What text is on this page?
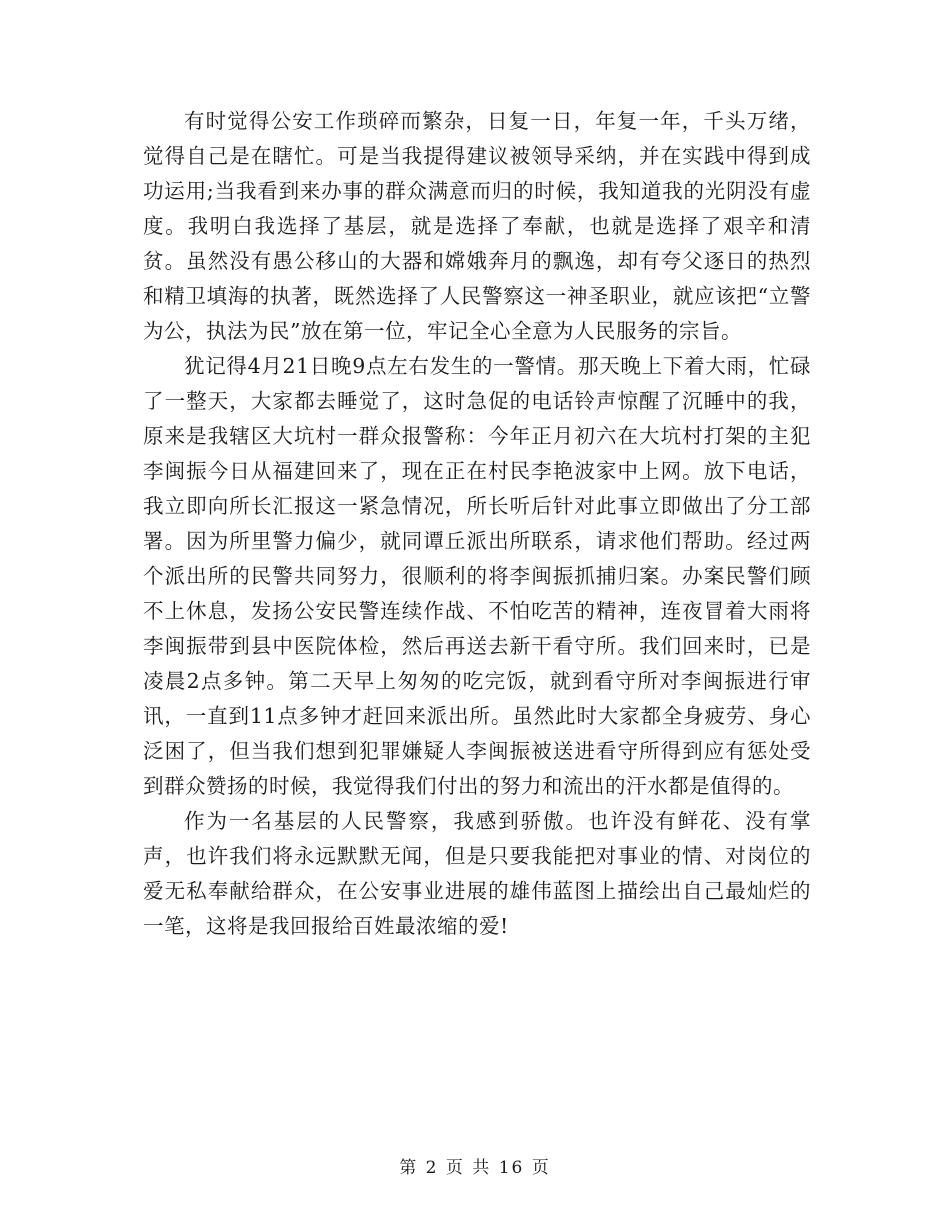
有时觉得公安工作琐碎而繁杂，日复一日，年复一年，千头万绪，觉得自己是在瞎忙。可是当我提得建议被领导采纳，并在实践中得到成功运用;当我看到来办事的群众满意而归的时候，我知道我的光阴没有虚度。我明白我选择了基层，就是选择了奉献，也就是选择了艰辛和清贫。虽然没有愚公移山的大器和嫦娥奔月的飘逸，却有夸父逐日的热烈和精卫填海的执著，既然选择了人民警察这一神圣职业，就应该把“立警为公，执法为民”放在第一位，牢记全心全意为人民服务的宗旨。

犹记得4月21日晚9点左右发生的一警情。那天晚上下着大雨，忙碌了一整天，大家都去睡觉了，这时急促的电话铃声惊醒了沉睡中的我，原来是我辖区大坑村一群众报警称：今年正月初六在大坑村打架的主犯李闽振今日从福建回来了，现在正在村民李艳波家中上网。放下电话，我立即向所长汇报这一紧急情况，所长听后针对此事立即做出了分工部署。因为所里警力偏少，就同谭丘派出所联系，请求他们帮助。经过两个派出所的民警共同努力，很顺利的将李闽振抓捕归案。办案民警们顾不上休息，发扬公安民警连续作战、不怕吃苦的精神，连夜冒着大雨将李闽振带到县中医院体检，然后再送去新干看守所。我们回来时，已是凌晨2点多钟。第二天早上匆匆的吃完饭，就到看守所对李闽振进行审讯，一直到11点多钟才赶回来派出所。虽然此时大家都全身疲劳、身心泛困了，但当我们想到犯罪嫌疑人李闽振被送进看守所得到应有惩处受到群众赞扬的时候，我觉得我们付出的努力和流出的汗水都是值得的。

作为一名基层的人民警察，我感到骄傲。也许没有鲜花、没有掌声，也许我们将永远默默无闻，但是只要我能把对事业的情、对岗位的爱无私奉献给群众，在公安事业进展的雄伟蓝图上描绘出自己最灿烂的一笔，这将是我回报给百姓最浓缩的爱!

第 2 页 共 16 页
